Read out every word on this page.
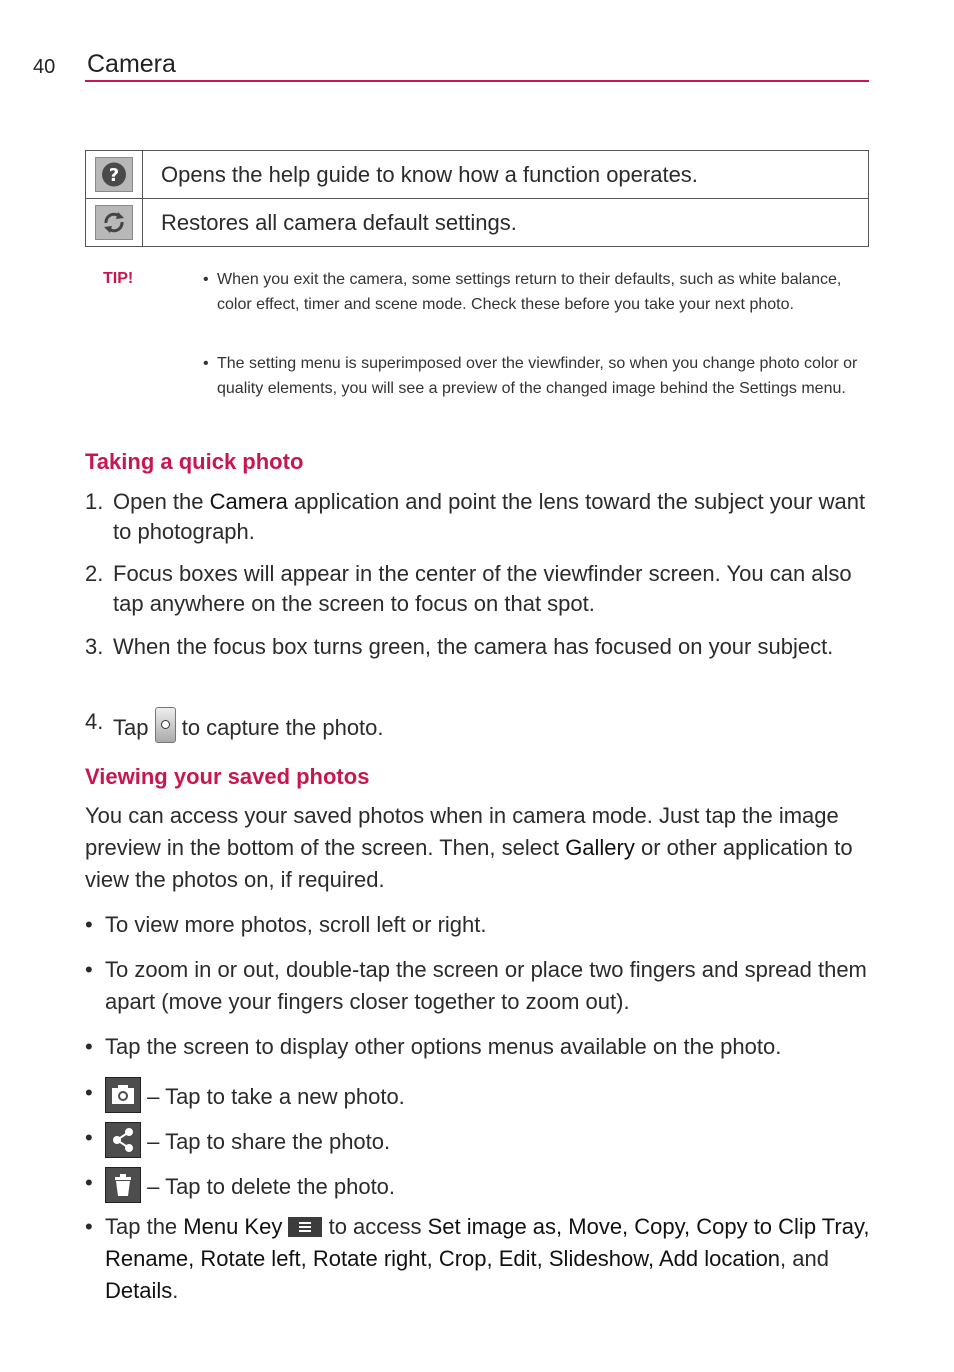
40 Camera
?	Opens the help guide to know how a function operates.
	Restores all camera default settings.
TIP!	• When you exit the camera, some settings return to their defaults, such as white balance, color effect, timer and scene mode. Check these before you take your next photo.
• The setting menu is superimposed over the viewfinder, so when you change photo color or quality elements, you will see a preview of the changed image behind the Settings menu.
Taking a quick photo
1. Open the Camera application and point the lens toward the subject your want to photograph.
2. Focus boxes will appear in the center of the viewfinder screen. You can also tap anywhere on the screen to focus on that spot.
3. When the focus box turns green, the camera has focused on your subject.
4. Tap  to capture the photo.
Viewing your saved photos
You can access your saved photos when in camera mode. Just tap the image preview in the bottom of the screen. Then, select Gallery or other application to view the photos on, if required.
• To view more photos, scroll left or right.
• To zoom in or out, double-tap the screen or place two fingers and spread them apart (move your fingers closer together to zoom out).
• Tap the screen to display other options menus available on the photo.
•	– Tap to take a new photo.
•	– Tap to share the photo.
•	– Tap to delete the photo.
• Tap the Menu Key
to access Set image as, Move, Copy, Copy to Clip Tray, Rename, Rotate left, Rotate right, Crop, Edit, Slideshow, Add location, and Details.
